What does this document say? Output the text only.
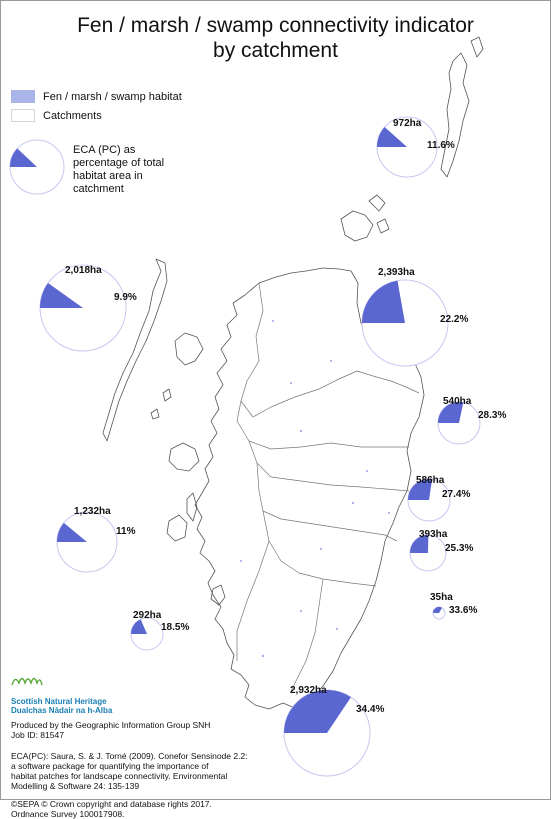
Fen / marsh / swamp connectivity indicator
by catchment
Fen / marsh / swamp habitat
Catchments
ECA (PC) as percentage of total habitat area in catchment
972ha
11.6%
2,018ha
9.9%
2,393ha
22.2%
540ha
28.3%
586ha
27.4%
393ha
25.3%
35ha
33.6%
1,232ha
11%
292ha
18.5%
2,932ha
34.4%
Scottish Natural Heritage
Dualchas Nàdair na h-Alba
Produced by the Geographic Information Group SNH
Job ID: 81547
ECA(PC): Saura, S. & J. Torné (2009). Conefor Sensinode 2.2:
a software package for quantifying the importance of
habitat patches for landscape connectivity. Environmental
Modelling & Software 24: 135-139
©SEPA © Crown copyright and database rights 2017.
Ordnance Survey 100017908.
